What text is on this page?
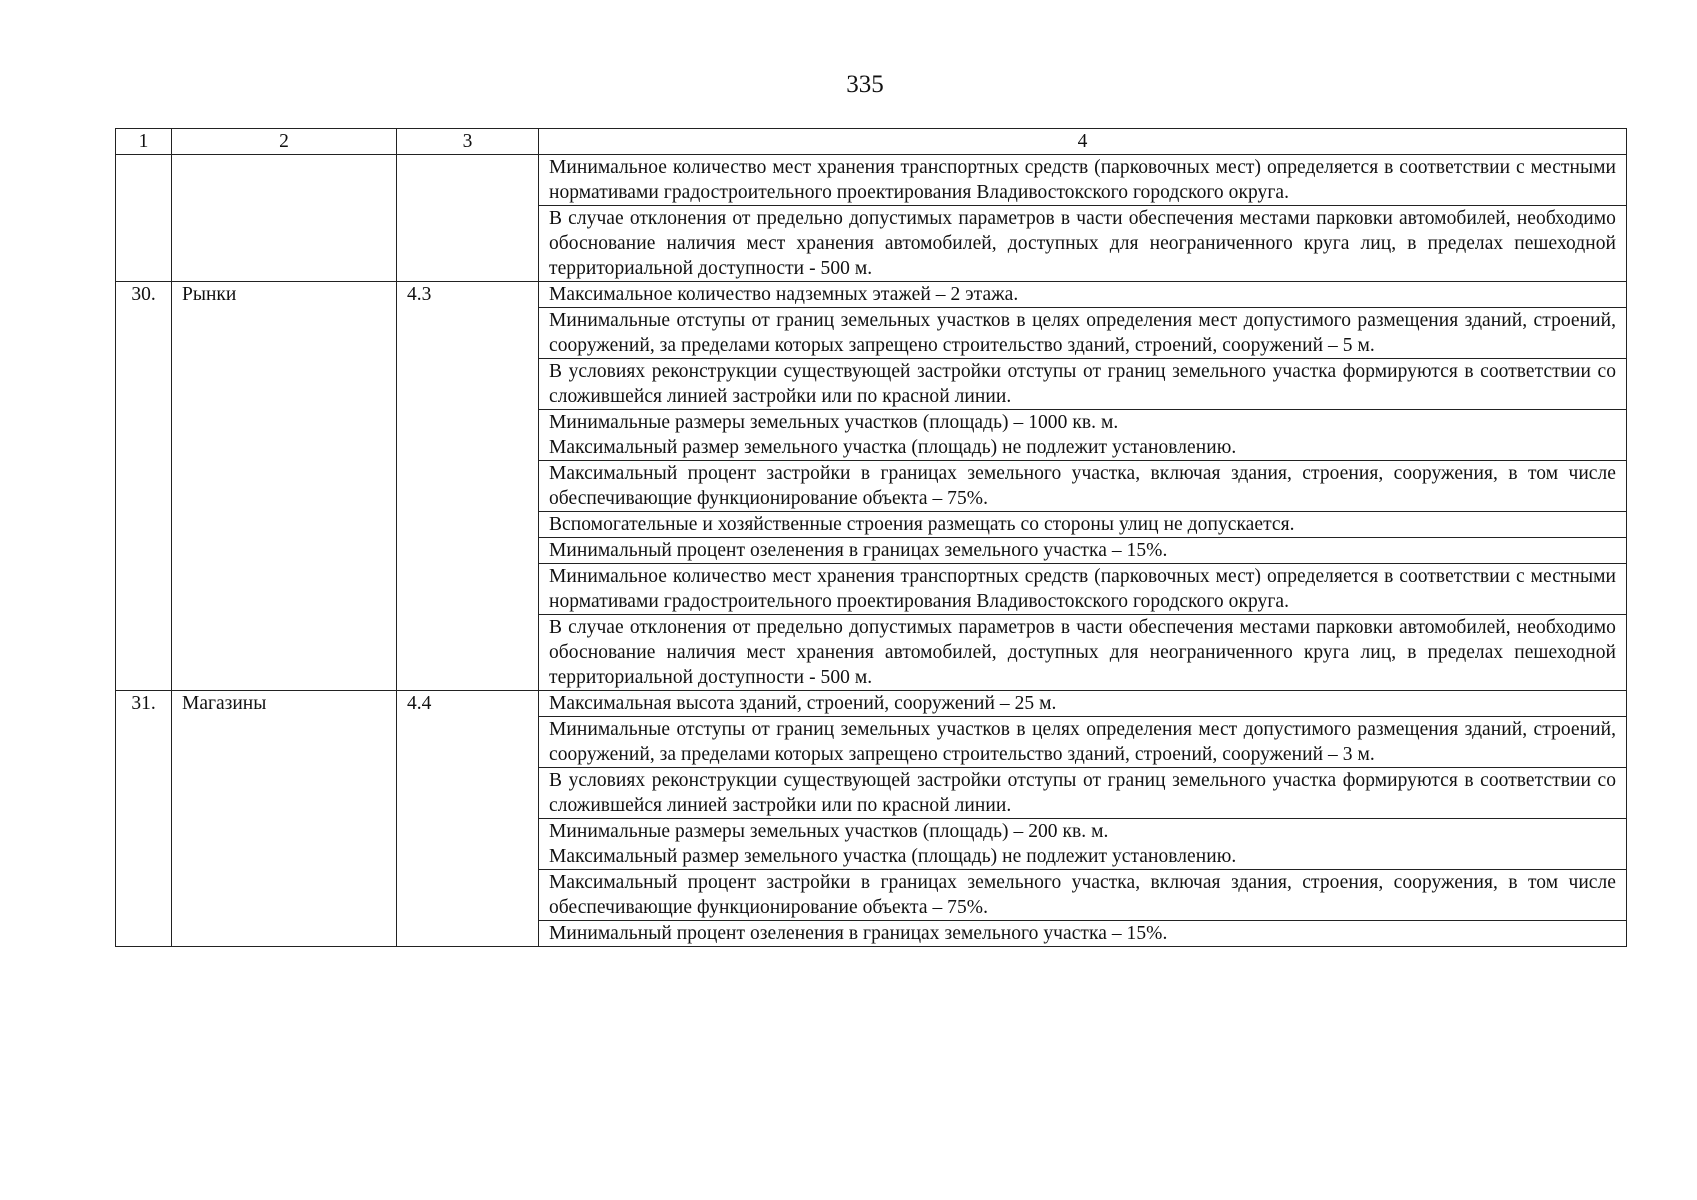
335
1	2	3	4
			Минимальное количество мест хранения транспортных средств (парковочных мест) определяется в соответствии с местными нормативами градостроительного проектирования Владивостокского городского округа.
			В случае отклонения от предельно допустимых параметров в части обеспечения местами парковки автомобилей, необходимо обоснование наличия мест хранения автомобилей, доступных для неограниченного круга лиц, в пределах пешеходной территориальной доступности - 500 м.
30.	Рынки	4.3	Максимальное количество надземных этажей – 2 этажа.
			Минимальные отступы от границ земельных участков в целях определения мест допустимого размещения зданий, строений, сооружений, за пределами которых запрещено строительство зданий, строений, сооружений – 5 м.
			В условиях реконструкции существующей застройки отступы от границ земельного участка формируются в соответствии со сложившейся линией застройки или по красной линии.

			Минимальные размеры земельных участков (площадь) – 1000 кв. м.
Максимальный размер земельного участка (площадь) не подлежит установлению.

			Максимальный процент застройки в границах земельного участка, включая здания, строения, сооружения, в том числе обеспечивающие функционирование объекта – 75%.
			Вспомогательные и хозяйственные строения размещать со стороны улиц не допускается.
			Минимальный процент озеленения в границах земельного участка – 15%.
			Минимальное количество мест хранения транспортных средств (парковочных мест) определяется в соответствии с местными нормативами градостроительного проектирования Владивостокского городского округа.
			В случае отклонения от предельно допустимых параметров в части обеспечения местами парковки автомобилей, необходимо обоснование наличия мест хранения автомобилей, доступных для неограниченного круга лиц, в пределах пешеходной территориальной доступности - 500 м.
31.	Магазины	4.4	Максимальная высота зданий, строений, сооружений – 25 м.
			Минимальные отступы от границ земельных участков в целях определения мест допустимого размещения зданий, строений, сооружений, за пределами которых запрещено строительство зданий, строений, сооружений – 3 м.
			В условиях реконструкции существующей застройки отступы от границ земельного участка формируются в соответствии со сложившейся линией застройки или по красной линии.

			Минимальные размеры земельных участков (площадь) – 200 кв. м.
Максимальный размер земельного участка (площадь) не подлежит установлению.

			Максимальный процент застройки в границах земельного участка, включая здания, строения, сооружения, в том числе обеспечивающие функционирование объекта – 75%.
			Минимальный процент озеленения в границах земельного участка – 15%.
